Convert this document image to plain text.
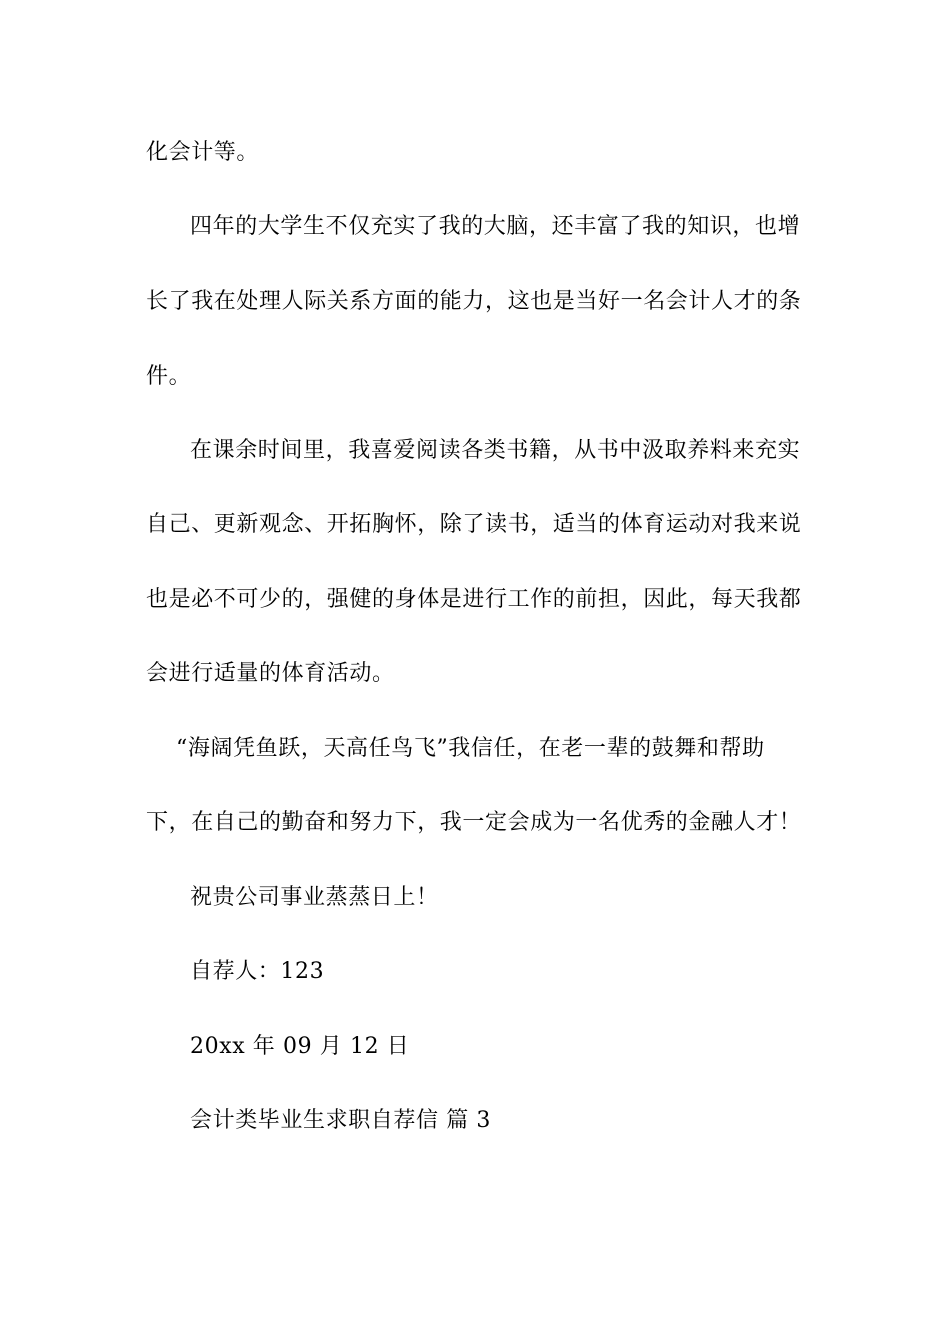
化会计等。
四年的大学生不仅充实了我的大脑，还丰富了我的知识，也增
长了我在处理人际关系方面的能力，这也是当好一名会计人才的条
件。
在课余时间里，我喜爱阅读各类书籍，从书中汲取养料来充实
自己、更新观念、开拓胸怀，除了读书，适当的体育运动对我来说
也是必不可少的，强健的身体是进行工作的前担，因此，每天我都
会进行适量的体育活动。
“海阔凭鱼跃，天高任鸟飞”我信任，在老一辈的鼓舞和帮助
下，在自己的勤奋和努力下，我一定会成为一名优秀的金融人才！
祝贵公司事业蒸蒸日上！
自荐人：123
20xx 年 09 月 12 日
会计类毕业生求职自荐信 篇 3
